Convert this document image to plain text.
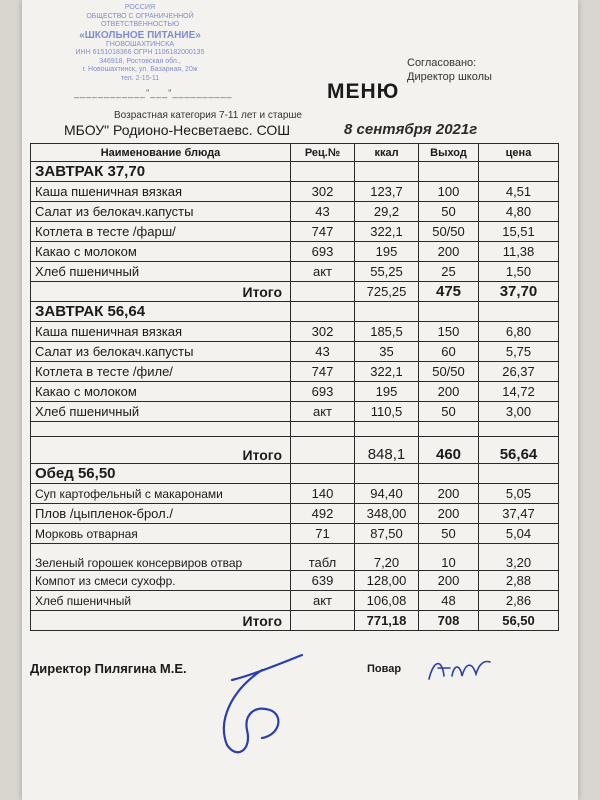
РОССИЯ
ОБЩЕСТВО С ОГРАНИЧЕННОЙ
ОТВЕТСТВЕННОСТЬЮ
«ШКОЛЬНОЕ ПИТАНИЕ»
ГНОВОШАХТИНСКА
ИНН 6151018366 ОГРН 1106182000135
346918, Ростовская обл.,
г. Новошахтинск, ул. Базарная, 20ж
тел. 2-15-11
Согласовано:
Директор школы
____________"___"__________	МЕНЮ
Возрастная категория 7-11 лет и старше
МБОУ" Родионо-Несветаевс. СОШ	8 сентября 2021г
Наименование блюда	Рец.№	ккал	Выход	цена
ЗАВТРАК 37,70				
Каша пшеничная вязкая	302	123,7	100	4,51
Салат из белокач.капусты	43	29,2	50	4,80
Котлета в тесте /фарш/	747	322,1	50/50	15,51
Какао с молоком	693	195	200	11,38
Хлеб пшеничный	акт	55,25	25	1,50
Итого		725,25	475	37,70
ЗАВТРАК 56,64				
Каша пшеничная вязкая	302	185,5	150	6,80
Салат из белокач.капусты	43	35	60	5,75
Котлета в тесте /филе/	747	322,1	50/50	26,37
Какао с молоком	693	195	200	14,72
Хлеб пшеничный	акт	110,5	50	3,00

Итого		848,1	460	56,64
Обед 56,50				
Суп картофельный с макаронами	140	94,40	200	5,05
Плов /цыпленок-брол./	492	348,00	200	37,47
Морковь отварная	71	87,50	50	5,04
Зеленый горошек консервиров отвар	табл	7,20	10	3,20
Компот из смеси сухофр.	639	128,00	200	2,88
Хлеб пшеничный	акт	106,08	48	2,86
Итого		771,18	708	56,50
Директор Пилягина М.Е.	Повар
